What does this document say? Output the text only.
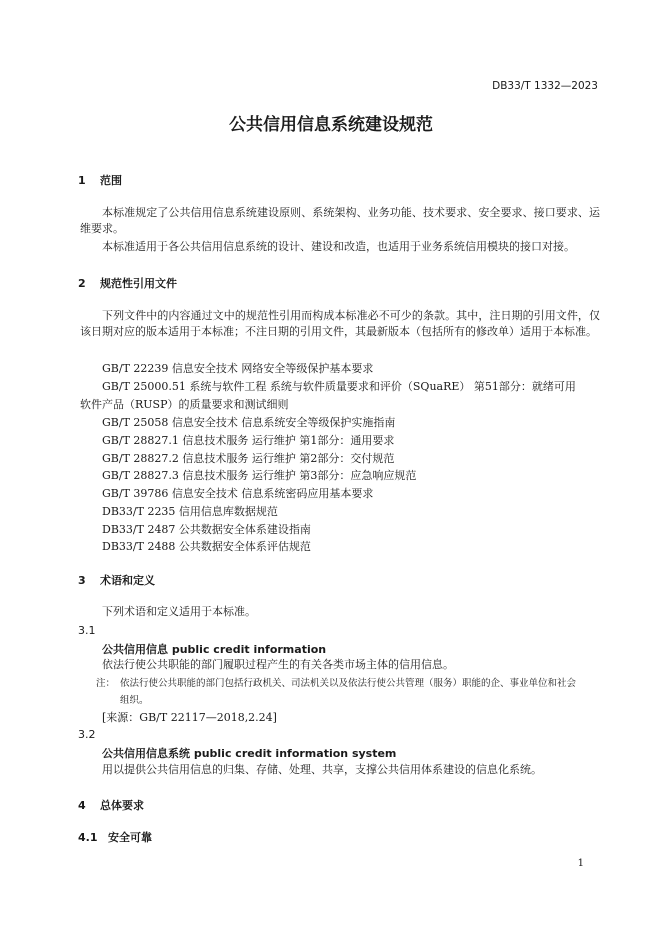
DB33/T 1332—2023
公共信用信息系统建设规范
1 范围
本标准规定了公共信用信息系统建设原则、系统架构、业务功能、技术要求、安全要求、接口要求、运维要求。
本标准适用于各公共信用信息系统的设计、建设和改造，也适用于业务系统信用模块的接口对接。
2 规范性引用文件
下列文件中的内容通过文中的规范性引用而构成本标准必不可少的条款。其中，注日期的引用文件，仅该日期对应的版本适用于本标准；不注日期的引用文件，其最新版本（包括所有的修改单）适用于本标准。
GB/T 22239 信息安全技术 网络安全等级保护基本要求
GB/T 25000.51 系统与软件工程 系统与软件质量要求和评价（SQuaRE） 第51部分：就绪可用
软件产品（RUSP）的质量要求和测试细则
GB/T 25058 信息安全技术 信息系统安全等级保护实施指南
GB/T 28827.1 信息技术服务 运行维护 第1部分：通用要求
GB/T 28827.2 信息技术服务 运行维护 第2部分：交付规范
GB/T 28827.3 信息技术服务 运行维护 第3部分：应急响应规范
GB/T 39786 信息安全技术 信息系统密码应用基本要求
DB33/T 2235 信用信息库数据规范
DB33/T 2487 公共数据安全体系建设指南
DB33/T 2488 公共数据安全体系评估规范
3 术语和定义
下列术语和定义适用于本标准。
3.1
公共信用信息 public credit information
依法行使公共职能的部门履职过程产生的有关各类市场主体的信用信息。
注： 依法行使公共职能的部门包括行政机关、司法机关以及依法行使公共管理（服务）职能的企、事业单位和社会
组织。
[来源：GB/T 22117—2018,2.24]
3.2
公共信用信息系统 public credit information system
用以提供公共信用信息的归集、存储、处理、共享，支撑公共信用体系建设的信息化系统。
4 总体要求
4.1 安全可靠
1
